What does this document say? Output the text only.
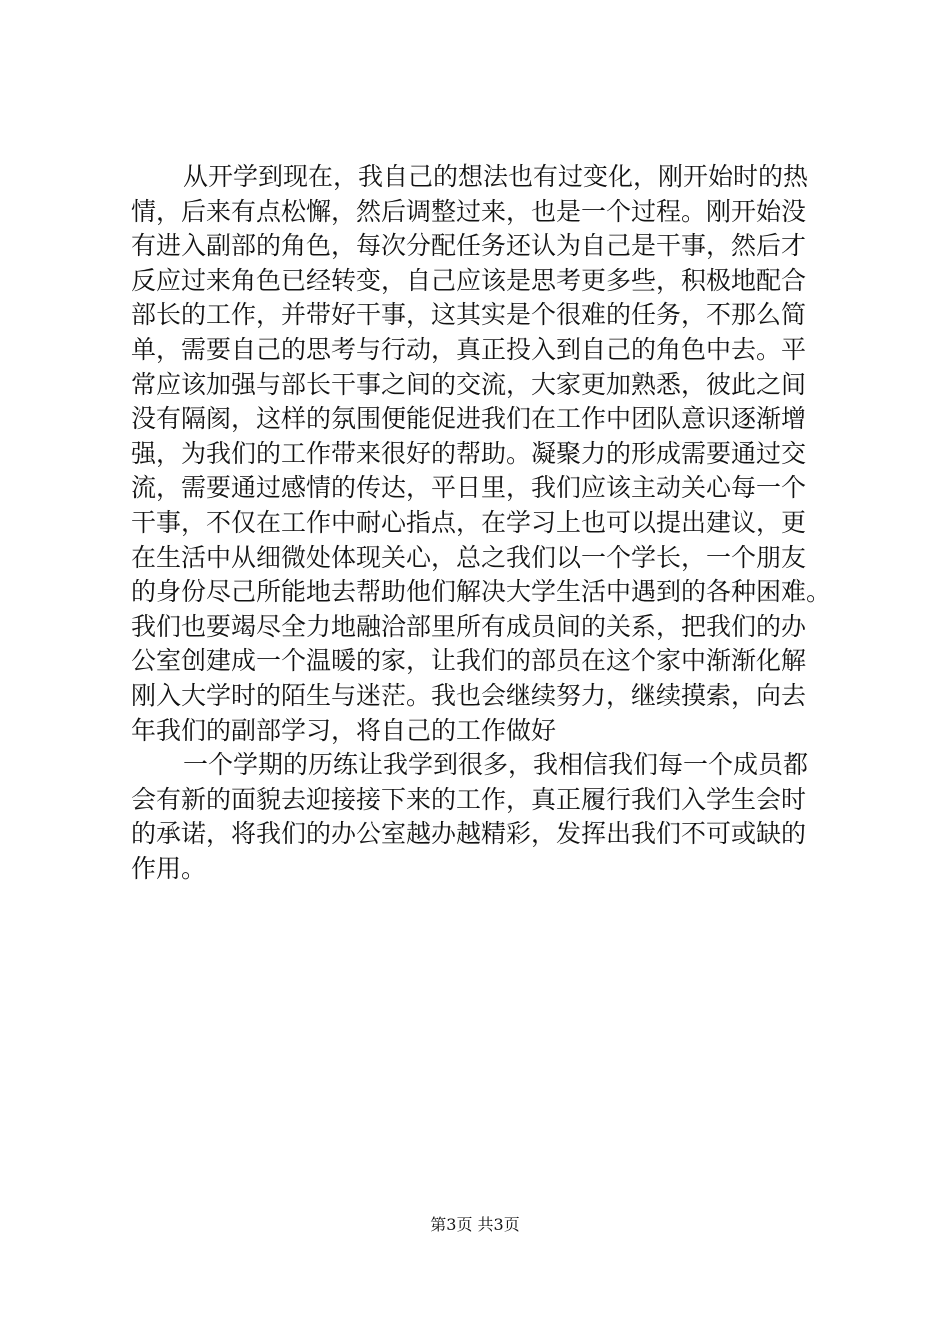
从开学到现在，我自己的想法也有过变化，刚开始时的热
情，后来有点松懈，然后调整过来，也是一个过程。刚开始没
有进入副部的角色，每次分配任务还认为自己是干事，然后才
反应过来角色已经转变，自己应该是思考更多些，积极地配合
部长的工作，并带好干事，这其实是个很难的任务，不那么简
单，需要自己的思考与行动，真正投入到自己的角色中去。平
常应该加强与部长干事之间的交流，大家更加熟悉，彼此之间
没有隔阂，这样的氛围便能促进我们在工作中团队意识逐渐增
强，为我们的工作带来很好的帮助。凝聚力的形成需要通过交
流，需要通过感情的传达，平日里，我们应该主动关心每一个
干事，不仅在工作中耐心指点，在学习上也可以提出建议，更
在生活中从细微处体现关心，总之我们以一个学长，一个朋友
的身份尽己所能地去帮助他们解决大学生活中遇到的各种困难。
我们也要竭尽全力地融洽部里所有成员间的关系，把我们的办
公室创建成一个温暖的家，让我们的部员在这个家中渐渐化解
刚入大学时的陌生与迷茫。我也会继续努力，继续摸索，向去
年我们的副部学习，将自己的工作做好
一个学期的历练让我学到很多，我相信我们每一个成员都
会有新的面貌去迎接接下来的工作，真正履行我们入学生会时
的承诺，将我们的办公室越办越精彩，发挥出我们不可或缺的
作用。
第3页 共3页
